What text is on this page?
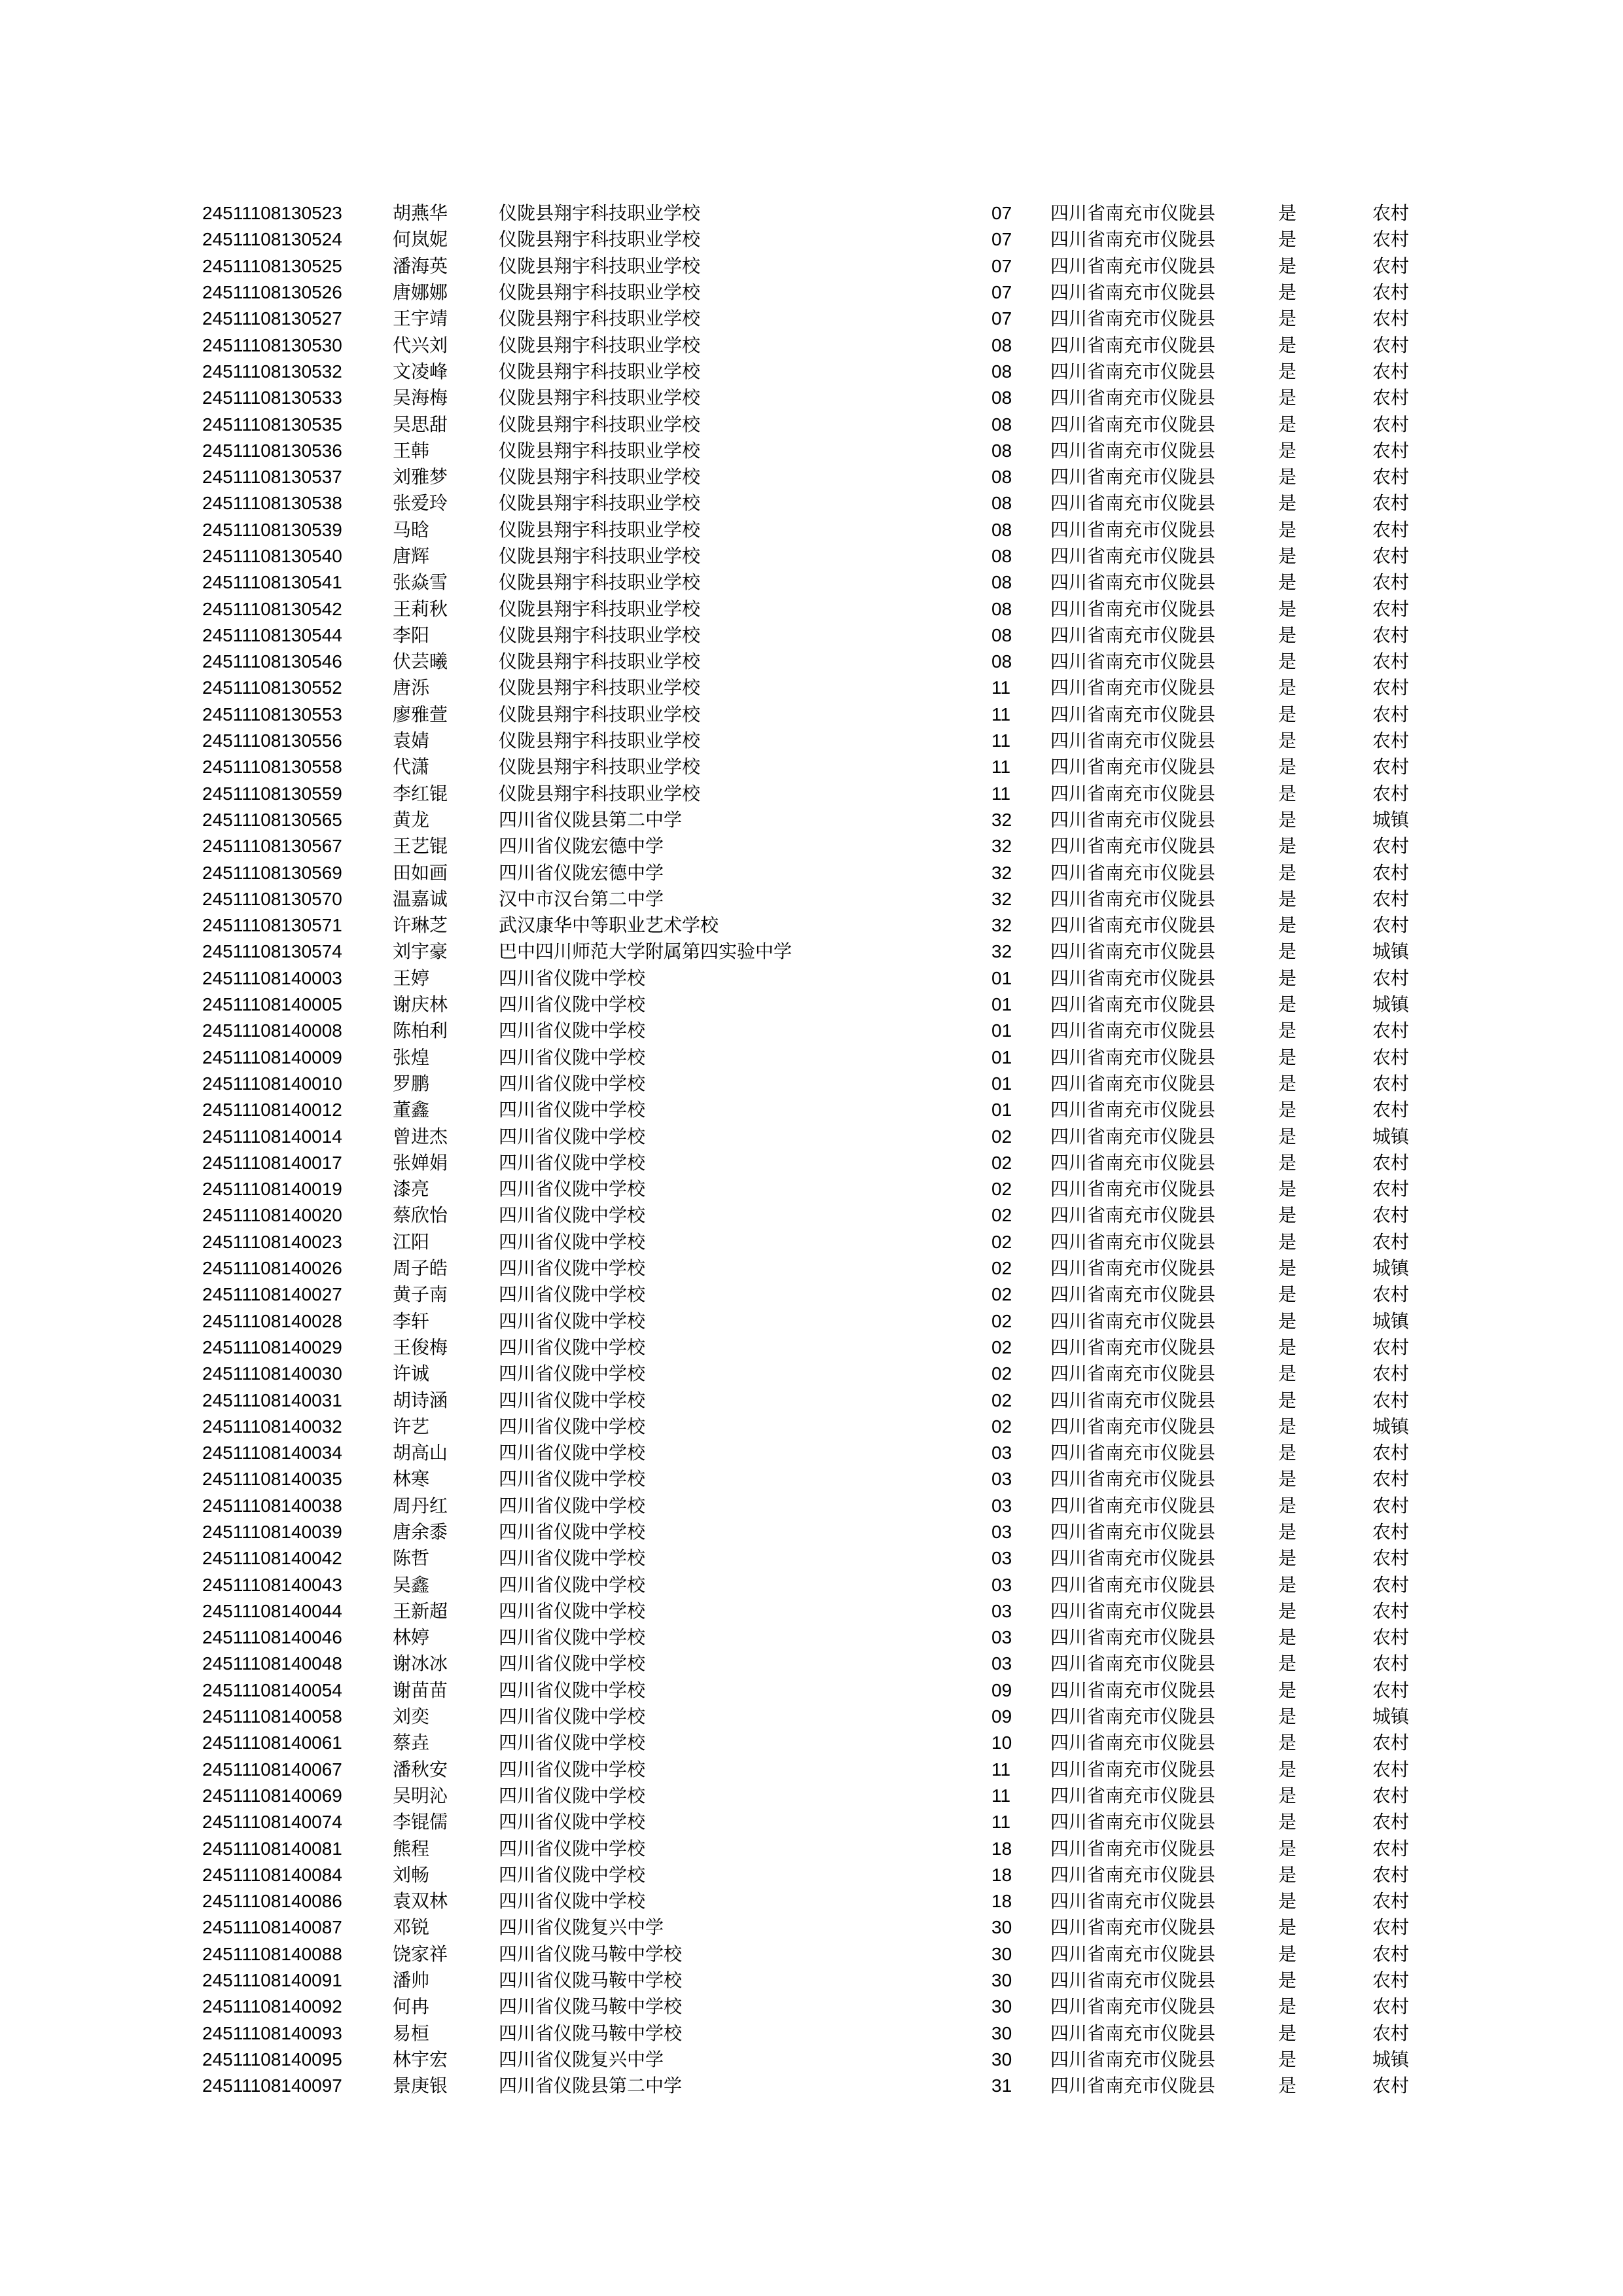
24511108130523	胡燕华	仪陇县翔宇科技职业学校	07	四川省南充市仪陇县	是	农村
24511108130524	何岚妮	仪陇县翔宇科技职业学校	07	四川省南充市仪陇县	是	农村
24511108130525	潘海英	仪陇县翔宇科技职业学校	07	四川省南充市仪陇县	是	农村
24511108130526	唐娜娜	仪陇县翔宇科技职业学校	07	四川省南充市仪陇县	是	农村
24511108130527	王宇靖	仪陇县翔宇科技职业学校	07	四川省南充市仪陇县	是	农村
24511108130530	代兴刘	仪陇县翔宇科技职业学校	08	四川省南充市仪陇县	是	农村
24511108130532	文凌峰	仪陇县翔宇科技职业学校	08	四川省南充市仪陇县	是	农村
24511108130533	吴海梅	仪陇县翔宇科技职业学校	08	四川省南充市仪陇县	是	农村
24511108130535	吴思甜	仪陇县翔宇科技职业学校	08	四川省南充市仪陇县	是	农村
24511108130536	王韩	仪陇县翔宇科技职业学校	08	四川省南充市仪陇县	是	农村
24511108130537	刘雅梦	仪陇县翔宇科技职业学校	08	四川省南充市仪陇县	是	农村
24511108130538	张爱玲	仪陇县翔宇科技职业学校	08	四川省南充市仪陇县	是	农村
24511108130539	马晗	仪陇县翔宇科技职业学校	08	四川省南充市仪陇县	是	农村
24511108130540	唐辉	仪陇县翔宇科技职业学校	08	四川省南充市仪陇县	是	农村
24511108130541	张焱雪	仪陇县翔宇科技职业学校	08	四川省南充市仪陇县	是	农村
24511108130542	王莉秋	仪陇县翔宇科技职业学校	08	四川省南充市仪陇县	是	农村
24511108130544	李阳	仪陇县翔宇科技职业学校	08	四川省南充市仪陇县	是	农村
24511108130546	伏芸曦	仪陇县翔宇科技职业学校	08	四川省南充市仪陇县	是	农村
24511108130552	唐泺	仪陇县翔宇科技职业学校	11	四川省南充市仪陇县	是	农村
24511108130553	廖雅萱	仪陇县翔宇科技职业学校	11	四川省南充市仪陇县	是	农村
24511108130556	袁婧	仪陇县翔宇科技职业学校	11	四川省南充市仪陇县	是	农村
24511108130558	代潇	仪陇县翔宇科技职业学校	11	四川省南充市仪陇县	是	农村
24511108130559	李红锟	仪陇县翔宇科技职业学校	11	四川省南充市仪陇县	是	农村
24511108130565	黄龙	四川省仪陇县第二中学	32	四川省南充市仪陇县	是	城镇
24511108130567	王艺锟	四川省仪陇宏德中学	32	四川省南充市仪陇县	是	农村
24511108130569	田如画	四川省仪陇宏德中学	32	四川省南充市仪陇县	是	农村
24511108130570	温嘉诚	汉中市汉台第二中学	32	四川省南充市仪陇县	是	农村
24511108130571	许琳芝	武汉康华中等职业艺术学校	32	四川省南充市仪陇县	是	农村
24511108130574	刘宇豪	巴中四川师范大学附属第四实验中学	32	四川省南充市仪陇县	是	城镇
24511108140003	王婷	四川省仪陇中学校	01	四川省南充市仪陇县	是	农村
24511108140005	谢庆林	四川省仪陇中学校	01	四川省南充市仪陇县	是	城镇
24511108140008	陈柏利	四川省仪陇中学校	01	四川省南充市仪陇县	是	农村
24511108140009	张煌	四川省仪陇中学校	01	四川省南充市仪陇县	是	农村
24511108140010	罗鹏	四川省仪陇中学校	01	四川省南充市仪陇县	是	农村
24511108140012	董鑫	四川省仪陇中学校	01	四川省南充市仪陇县	是	农村
24511108140014	曾进杰	四川省仪陇中学校	02	四川省南充市仪陇县	是	城镇
24511108140017	张婵娟	四川省仪陇中学校	02	四川省南充市仪陇县	是	农村
24511108140019	漆亮	四川省仪陇中学校	02	四川省南充市仪陇县	是	农村
24511108140020	蔡欣怡	四川省仪陇中学校	02	四川省南充市仪陇县	是	农村
24511108140023	江阳	四川省仪陇中学校	02	四川省南充市仪陇县	是	农村
24511108140026	周子皓	四川省仪陇中学校	02	四川省南充市仪陇县	是	城镇
24511108140027	黄子南	四川省仪陇中学校	02	四川省南充市仪陇县	是	农村
24511108140028	李轩	四川省仪陇中学校	02	四川省南充市仪陇县	是	城镇
24511108140029	王俊梅	四川省仪陇中学校	02	四川省南充市仪陇县	是	农村
24511108140030	许诚	四川省仪陇中学校	02	四川省南充市仪陇县	是	农村
24511108140031	胡诗涵	四川省仪陇中学校	02	四川省南充市仪陇县	是	农村
24511108140032	许艺	四川省仪陇中学校	02	四川省南充市仪陇县	是	城镇
24511108140034	胡高山	四川省仪陇中学校	03	四川省南充市仪陇县	是	农村
24511108140035	林寒	四川省仪陇中学校	03	四川省南充市仪陇县	是	农村
24511108140038	周丹红	四川省仪陇中学校	03	四川省南充市仪陇县	是	农村
24511108140039	唐余黍	四川省仪陇中学校	03	四川省南充市仪陇县	是	农村
24511108140042	陈哲	四川省仪陇中学校	03	四川省南充市仪陇县	是	农村
24511108140043	吴鑫	四川省仪陇中学校	03	四川省南充市仪陇县	是	农村
24511108140044	王新超	四川省仪陇中学校	03	四川省南充市仪陇县	是	农村
24511108140046	林婷	四川省仪陇中学校	03	四川省南充市仪陇县	是	农村
24511108140048	谢冰冰	四川省仪陇中学校	03	四川省南充市仪陇县	是	农村
24511108140054	谢苗苗	四川省仪陇中学校	09	四川省南充市仪陇县	是	农村
24511108140058	刘奕	四川省仪陇中学校	09	四川省南充市仪陇县	是	城镇
24511108140061	蔡垚	四川省仪陇中学校	10	四川省南充市仪陇县	是	农村
24511108140067	潘秋安	四川省仪陇中学校	11	四川省南充市仪陇县	是	农村
24511108140069	吴明沁	四川省仪陇中学校	11	四川省南充市仪陇县	是	农村
24511108140074	李锟儒	四川省仪陇中学校	11	四川省南充市仪陇县	是	农村
24511108140081	熊程	四川省仪陇中学校	18	四川省南充市仪陇县	是	农村
24511108140084	刘畅	四川省仪陇中学校	18	四川省南充市仪陇县	是	农村
24511108140086	袁双林	四川省仪陇中学校	18	四川省南充市仪陇县	是	农村
24511108140087	邓锐	四川省仪陇复兴中学	30	四川省南充市仪陇县	是	农村
24511108140088	饶家祥	四川省仪陇马鞍中学校	30	四川省南充市仪陇县	是	农村
24511108140091	潘帅	四川省仪陇马鞍中学校	30	四川省南充市仪陇县	是	农村
24511108140092	何冉	四川省仪陇马鞍中学校	30	四川省南充市仪陇县	是	农村
24511108140093	易桓	四川省仪陇马鞍中学校	30	四川省南充市仪陇县	是	农村
24511108140095	林宇宏	四川省仪陇复兴中学	30	四川省南充市仪陇县	是	城镇
24511108140097	景庚银	四川省仪陇县第二中学	31	四川省南充市仪陇县	是	农村
